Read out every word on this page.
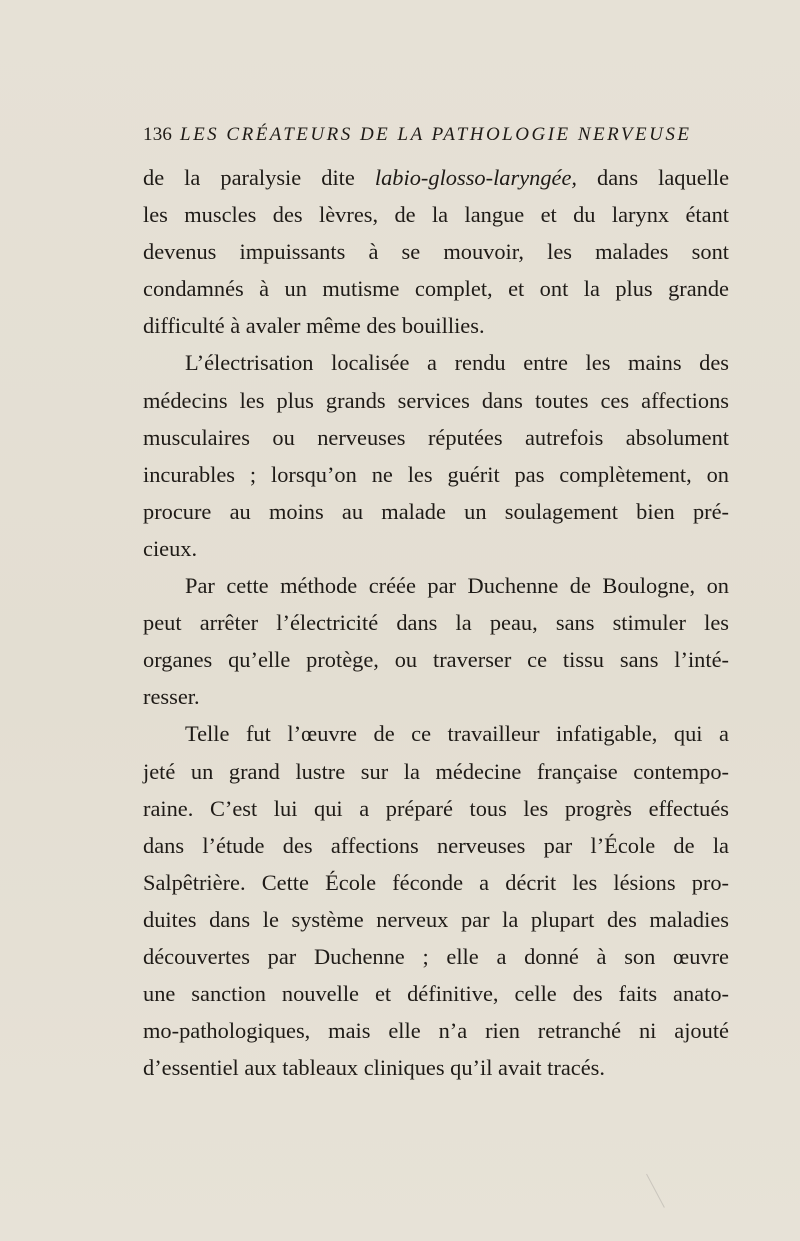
136 LES CRÉATEURS DE LA PATHOLOGIE NERVEUSE
de la paralysie dite labio-glosso-laryngée, dans laquelle
les muscles des lèvres, de la langue et du larynx étant
devenus impuissants à se mouvoir, les malades sont
condamnés à un mutisme complet, et ont la plus grande
difficulté à avaler même des bouillies.
L’électrisation localisée a rendu entre les mains des
médecins les plus grands services dans toutes ces affections
musculaires ou nerveuses réputées autrefois absolument
incurables ; lorsqu’on ne les guérit pas complètement, on
procure au moins au malade un soulagement bien pré-
cieux.
Par cette méthode créée par Duchenne de Boulogne, on
peut arrêter l’électricité dans la peau, sans stimuler les
organes qu’elle protège, ou traverser ce tissu sans l’inté-
resser.
Telle fut l’œuvre de ce travailleur infatigable, qui a
jeté un grand lustre sur la médecine française contempo-
raine. C’est lui qui a préparé tous les progrès effectués
dans l’étude des affections nerveuses par l’École de la
Salpêtrière. Cette École féconde a décrit les lésions pro-
duites dans le système nerveux par la plupart des maladies
découvertes par Duchenne ; elle a donné à son œuvre
une sanction nouvelle et définitive, celle des faits anato-
mo-pathologiques, mais elle n’a rien retranché ni ajouté
d’essentiel aux tableaux cliniques qu’il avait tracés.
